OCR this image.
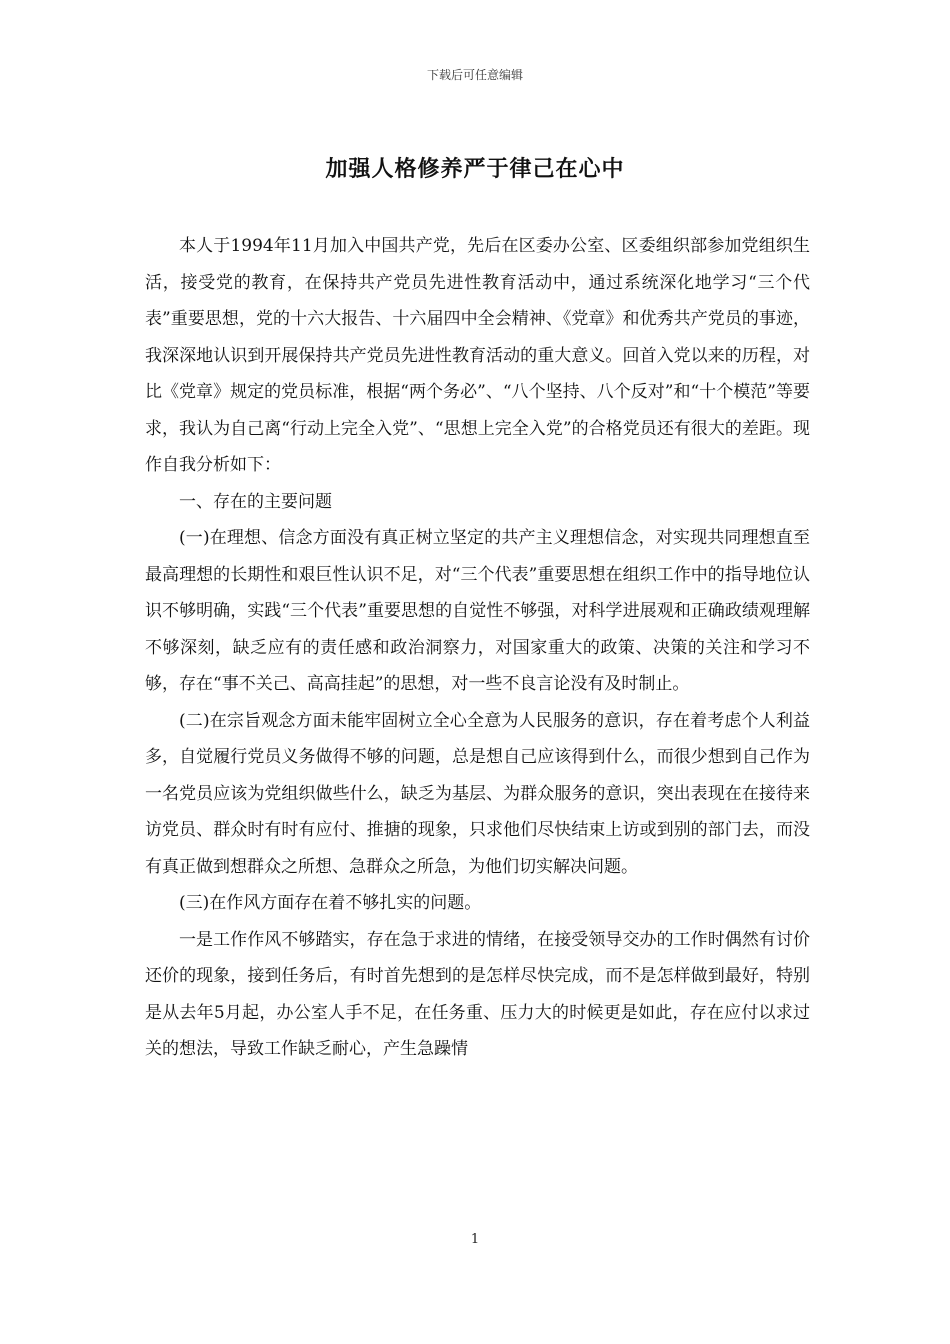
下载后可任意编辑
加强人格修养严于律己在心中

本人于1994年11月加入中国共产党，先后在区委办公室、区委组织部参加党组织生活，接受党的教育，在保持共产党员先进性教育活动中，通过系统深化地学习“三个代表”重要思想，党的十六大报告、十六届四中全会精神、《党章》和优秀共产党员的事迹，我深深地认识到开展保持共产党员先进性教育活动的重大意义。回首入党以来的历程，对比《党章》规定的党员标准，根据“两个务必”、“八个坚持、八个反对”和“十个模范”等要求，我认为自己离“行动上完全入党”、“思想上完全入党”的合格党员还有很大的差距。现作自我分析如下：

一、存在的主要问题

(一)在理想、信念方面没有真正树立坚定的共产主义理想信念，对实现共同理想直至最高理想的长期性和艰巨性认识不足，对“三个代表”重要思想在组织工作中的指导地位认识不够明确，实践“三个代表”重要思想的自觉性不够强，对科学进展观和正确政绩观理解不够深刻，缺乏应有的责任感和政治洞察力，对国家重大的政策、决策的关注和学习不够，存在“事不关己、高高挂起”的思想，对一些不良言论没有及时制止。

(二)在宗旨观念方面未能牢固树立全心全意为人民服务的意识，存在着考虑个人利益多，自觉履行党员义务做得不够的问题，总是想自己应该得到什么，而很少想到自己作为一名党员应该为党组织做些什么，缺乏为基层、为群众服务的意识，突出表现在在接待来访党员、群众时有时有应付、推搪的现象，只求他们尽快结束上访或到别的部门去，而没有真正做到想群众之所想、急群众之所急，为他们切实解决问题。

(三)在作风方面存在着不够扎实的问题。

一是工作作风不够踏实，存在急于求进的情绪，在接受领导交办的工作时偶然有讨价还价的现象，接到任务后，有时首先想到的是怎样尽快完成，而不是怎样做到最好，特别是从去年5月起，办公室人手不足，在任务重、压力大的时候更是如此，存在应付以求过关的想法，导致工作缺乏耐心，产生急躁情

1
